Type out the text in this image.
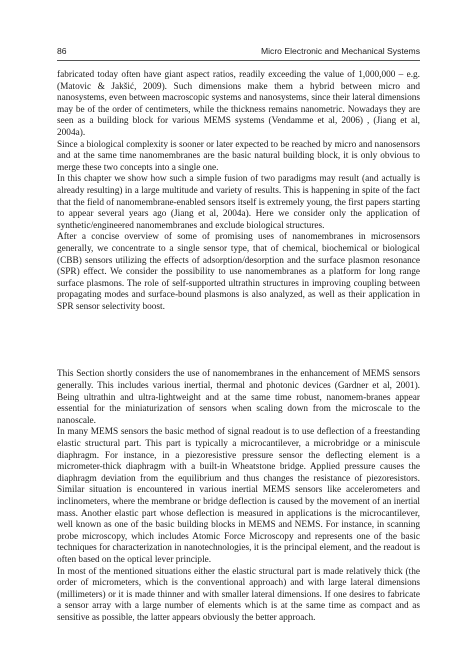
86	Micro Electronic and Mechanical Systems

fabricated today often have giant aspect ratios, readily exceeding the value of 1,000,000 – e.g. (Matovic & Jakšić, 2009). Such dimensions make them a hybrid between micro and nanosystems, even between macroscopic systems and nanosystems, since their lateral dimensions may be of the order of centimeters, while the thickness remains nanometric. Nowadays they are seen as a building block for various MEMS systems (Vendamme et al, 2006) , (Jiang et al, 2004a).

Since a biological complexity is sooner or later expected to be reached by micro and nanosensors and at the same time nanomembranes are the basic natural building block, it is only obvious to merge these two concepts into a single one.

In this chapter we show how such a simple fusion of two paradigms may result (and actually is already resulting) in a large multitude and variety of results. This is happening in spite of the fact that the field of nanomembrane-enabled sensors itself is extremely young, the first papers starting to appear several years ago (Jiang et al, 2004a). Here we consider only the application of synthetic/engineered nanomembranes and exclude biological structures.

After a concise overview of some of promising uses of nanomembranes in microsensors generally, we concentrate to a single sensor type, that of chemical, biochemical or biological (CBB) sensors utilizing the effects of adsorption/desorption and the surface plasmon resonance (SPR) effect. We consider the possibility to use nanomembranes as a platform for long range surface plasmons. The role of self-supported ultrathin structures in improving coupling between propagating modes and surface-bound plasmons is also analyzed, as well as their application in SPR sensor selectivity boost.

This Section shortly considers the use of nanomembranes in the enhancement of MEMS sensors generally. This includes various inertial, thermal and photonic devices (Gardner et al, 2001). Being ultrathin and ultra-lightweight and at the same time robust, nanomem-branes appear essential for the miniaturization of sensors when scaling down from the microscale to the nanoscale.

In many MEMS sensors the basic method of signal readout is to use deflection of a freestanding elastic structural part. This part is typically a microcantilever, a microbridge or a miniscule diaphragm. For instance, in a piezoresistive pressure sensor the deflecting element is a micrometer-thick diaphragm with a built-in Wheatstone bridge. Applied pressure causes the diaphragm deviation from the equilibrium and thus changes the resistance of piezoresistors. Similar situation is encountered in various inertial MEMS sensors like accelerometers and inclinometers, where the membrane or bridge deflection is caused by the movement of an inertial mass. Another elastic part whose deflection is measured in applications is the microcantilever, well known as one of the basic building blocks in MEMS and NEMS. For instance, in scanning probe microscopy, which includes Atomic Force Microscopy and represents one of the basic techniques for characterization in nanotechnologies, it is the principal element, and the readout is often based on the optical lever principle.

In most of the mentioned situations either the elastic structural part is made relatively thick (the order of micrometers, which is the conventional approach) and with large lateral dimensions (millimeters) or it is made thinner and with smaller lateral dimensions. If one desires to fabricate a sensor array with a large number of elements which is at the same time as compact and as sensitive as possible, the latter appears obviously the better approach.
